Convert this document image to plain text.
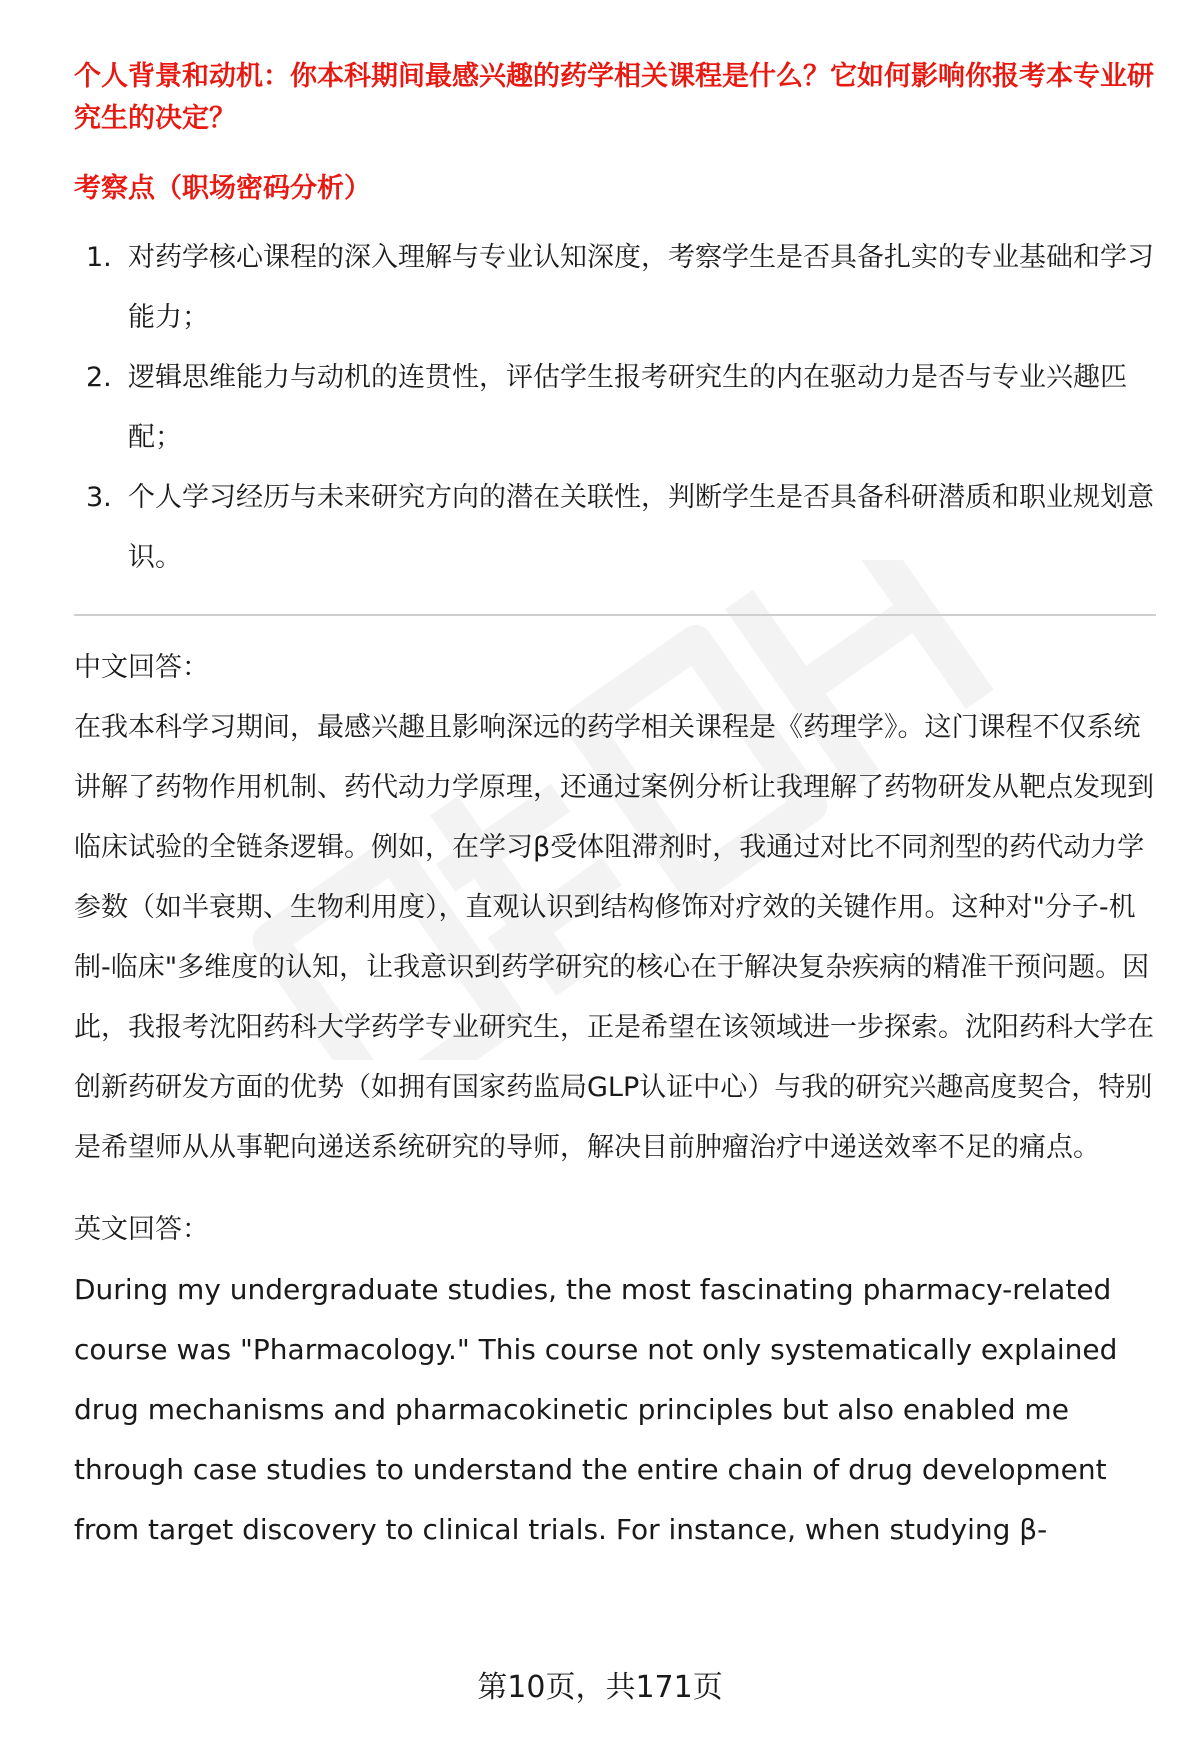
个人背景和动机：你本科期间最感兴趣的药学相关课程是什么？它如何影响你报考本专业研究生的决定？

考察点（职场密码分析）

1. 对药学核心课程的深入理解与专业认知深度，考察学生是否具备扎实的专业基础和学习能力；
2. 逻辑思维能力与动机的连贯性，评估学生报考研究生的内在驱动力是否与专业兴趣匹配；
3. 个人学习经历与未来研究方向的潜在关联性，判断学生是否具备科研潜质和职业规划意识。

中文回答：

在我本科学习期间，最感兴趣且影响深远的药学相关课程是《药理学》。这门课程不仅系统讲解了药物作用机制、药代动力学原理，还通过案例分析让我理解了药物研发从靶点发现到临床试验的全链条逻辑。例如，在学习β受体阻滞剂时，我通过对比不同剂型的药代动力学参数（如半衰期、生物利用度），直观认识到结构修饰对疗效的关键作用。这种对"分子-机制-临床"多维度的认知，让我意识到药学研究的核心在于解决复杂疾病的精准干预问题。因此，我报考沈阳药科大学药学专业研究生，正是希望在该领域进一步探索。沈阳药科大学在创新药研发方面的优势（如拥有国家药监局GLP认证中心）与我的研究兴趣高度契合，特别是希望师从从事靶向递送系统研究的导师，解决目前肿瘤治疗中递送效率不足的痛点。

英文回答：

During my undergraduate studies, the most fascinating pharmacy-related course was "Pharmacology." This course not only systematically explained drug mechanisms and pharmacokinetic principles but also enabled me through case studies to understand the entire chain of drug development from target discovery to clinical trials. For instance, when studying β-

第10页，共171页
